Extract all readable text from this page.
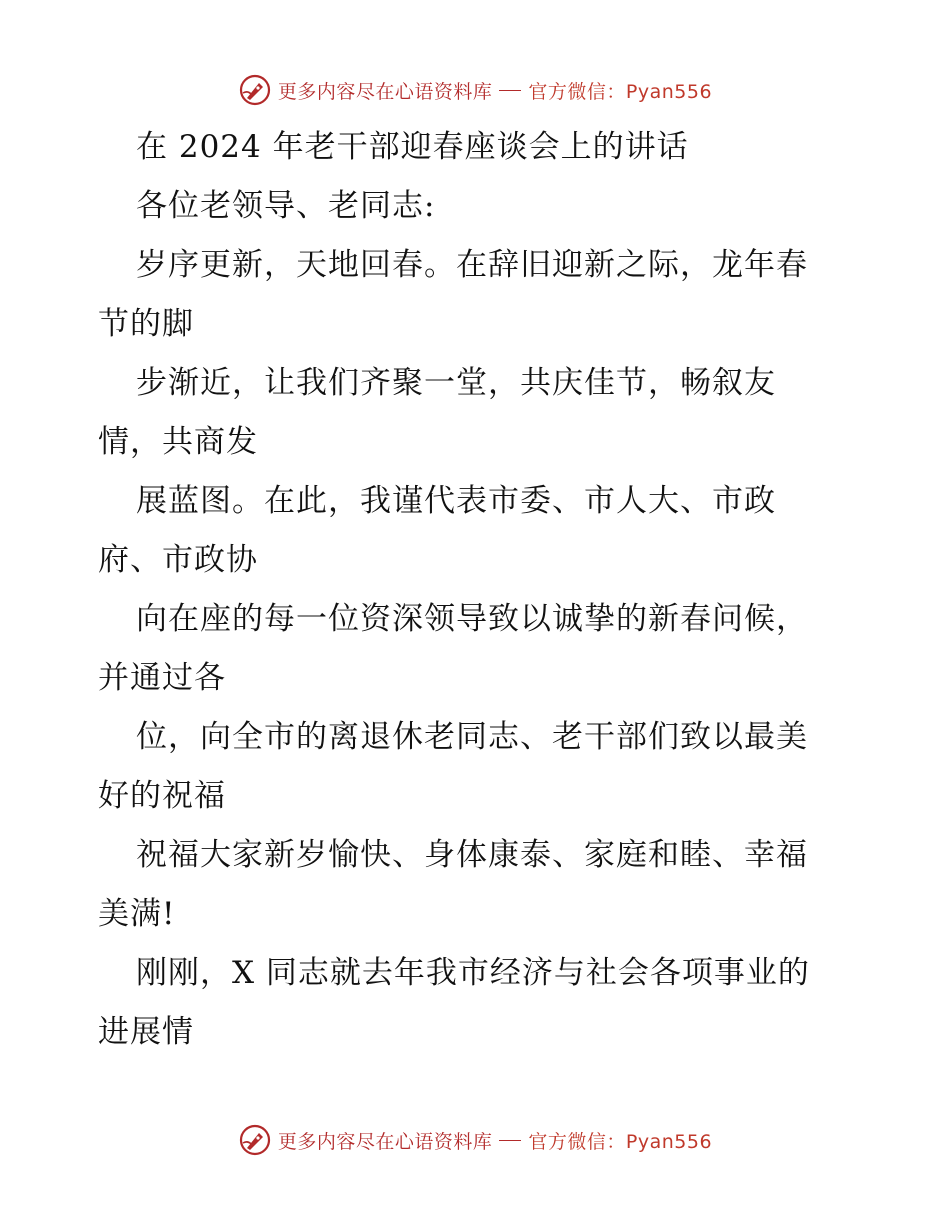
更多内容尽在心语资料库 官方微信：Pyan556
在 2024 年老干部迎春座谈会上的讲话
各位老领导、老同志:
岁序更新，天地回春。在辞旧迎新之际，龙年春
节的脚
步渐近，让我们齐聚一堂，共庆佳节，畅叙友
情，共商发
展蓝图。在此，我谨代表市委、市人大、市政
府、市政协
向在座的每一位资深领导致以诚挚的新春问候，
并通过各
位，向全市的离退休老同志、老干部们致以最美
好的祝福
祝福大家新岁愉快、身体康泰、家庭和睦、幸福
美满!
刚刚，X 同志就去年我市经济与社会各项事业的
进展情
更多内容尽在心语资料库 官方微信：Pyan556
